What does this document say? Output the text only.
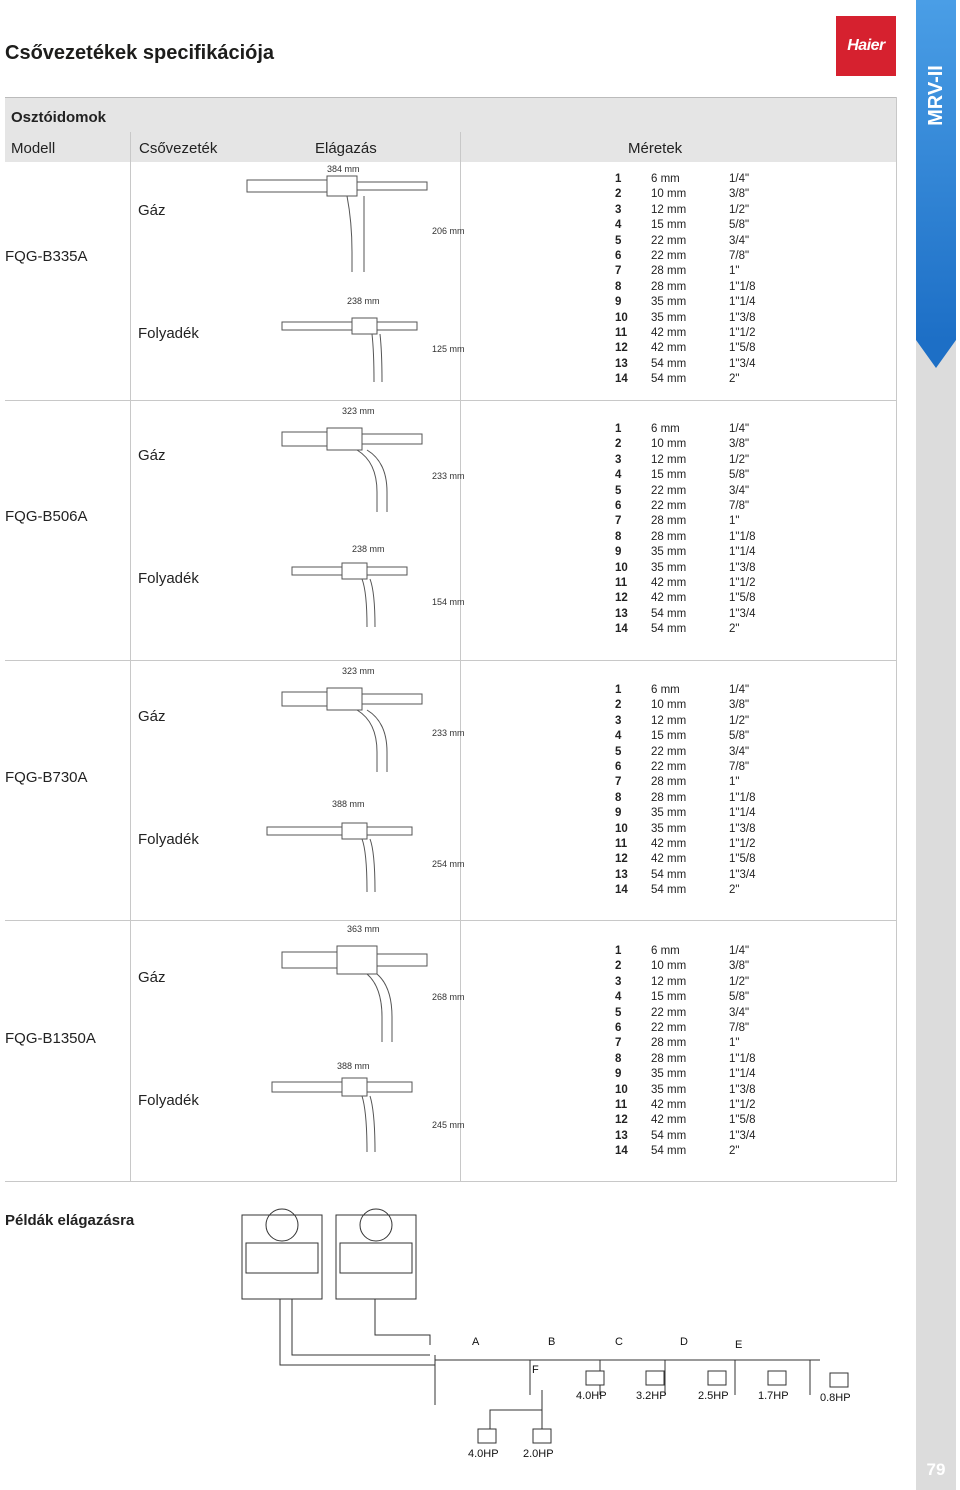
Csővezetékek specifikációja	Haier
MRV-II
79
Osztóidomok
Modell	Csővezeték	Elágazás	Méretek
FQG-B335A
Gáz
Folyadék
384 mm
206 mm
238 mm
125 mm
1	6 mm	1/4"
2	10 mm	3/8"
3	12 mm	1/2"
4	15 mm	5/8"
5	22 mm	3/4"
6	22 mm	7/8"
7	28 mm	1"
8	28 mm	1"1/8
9	35 mm	1"1/4
10	35 mm	1"3/8
11	42 mm	1"1/2
12	42 mm	1"5/8
13	54 mm	1"3/4
14	54 mm	2"
FQG-B506A
Gáz
Folyadék
323 mm
233 mm
238 mm
154 mm
1	6 mm	1/4"
2	10 mm	3/8"
3	12 mm	1/2"
4	15 mm	5/8"
5	22 mm	3/4"
6	22 mm	7/8"
7	28 mm	1"
8	28 mm	1"1/8
9	35 mm	1"1/4
10	35 mm	1"3/8
11	42 mm	1"1/2
12	42 mm	1"5/8
13	54 mm	1"3/4
14	54 mm	2"
FQG-B730A
Gáz
Folyadék
323 mm
233 mm
388 mm
254 mm
1	6 mm	1/4"
2	10 mm	3/8"
3	12 mm	1/2"
4	15 mm	5/8"
5	22 mm	3/4"
6	22 mm	7/8"
7	28 mm	1"
8	28 mm	1"1/8
9	35 mm	1"1/4
10	35 mm	1"3/8
11	42 mm	1"1/2
12	42 mm	1"5/8
13	54 mm	1"3/4
14	54 mm	2"
FQG-B1350A
Gáz
Folyadék
363 mm
268 mm
388 mm
245 mm
1	6 mm	1/4"
2	10 mm	3/8"
3	12 mm	1/2"
4	15 mm	5/8"
5	22 mm	3/4"
6	22 mm	7/8"
7	28 mm	1"
8	28 mm	1"1/8
9	35 mm	1"1/4
10	35 mm	1"3/8
11	42 mm	1"1/2
12	42 mm	1"5/8
13	54 mm	1"3/4
14	54 mm	2"
Példák elágazásra
A	B	C	D	E
F
4.0HP	3.2HP	2.5HP	1.7HP	0.8HP
4.0HP 2.0HP
